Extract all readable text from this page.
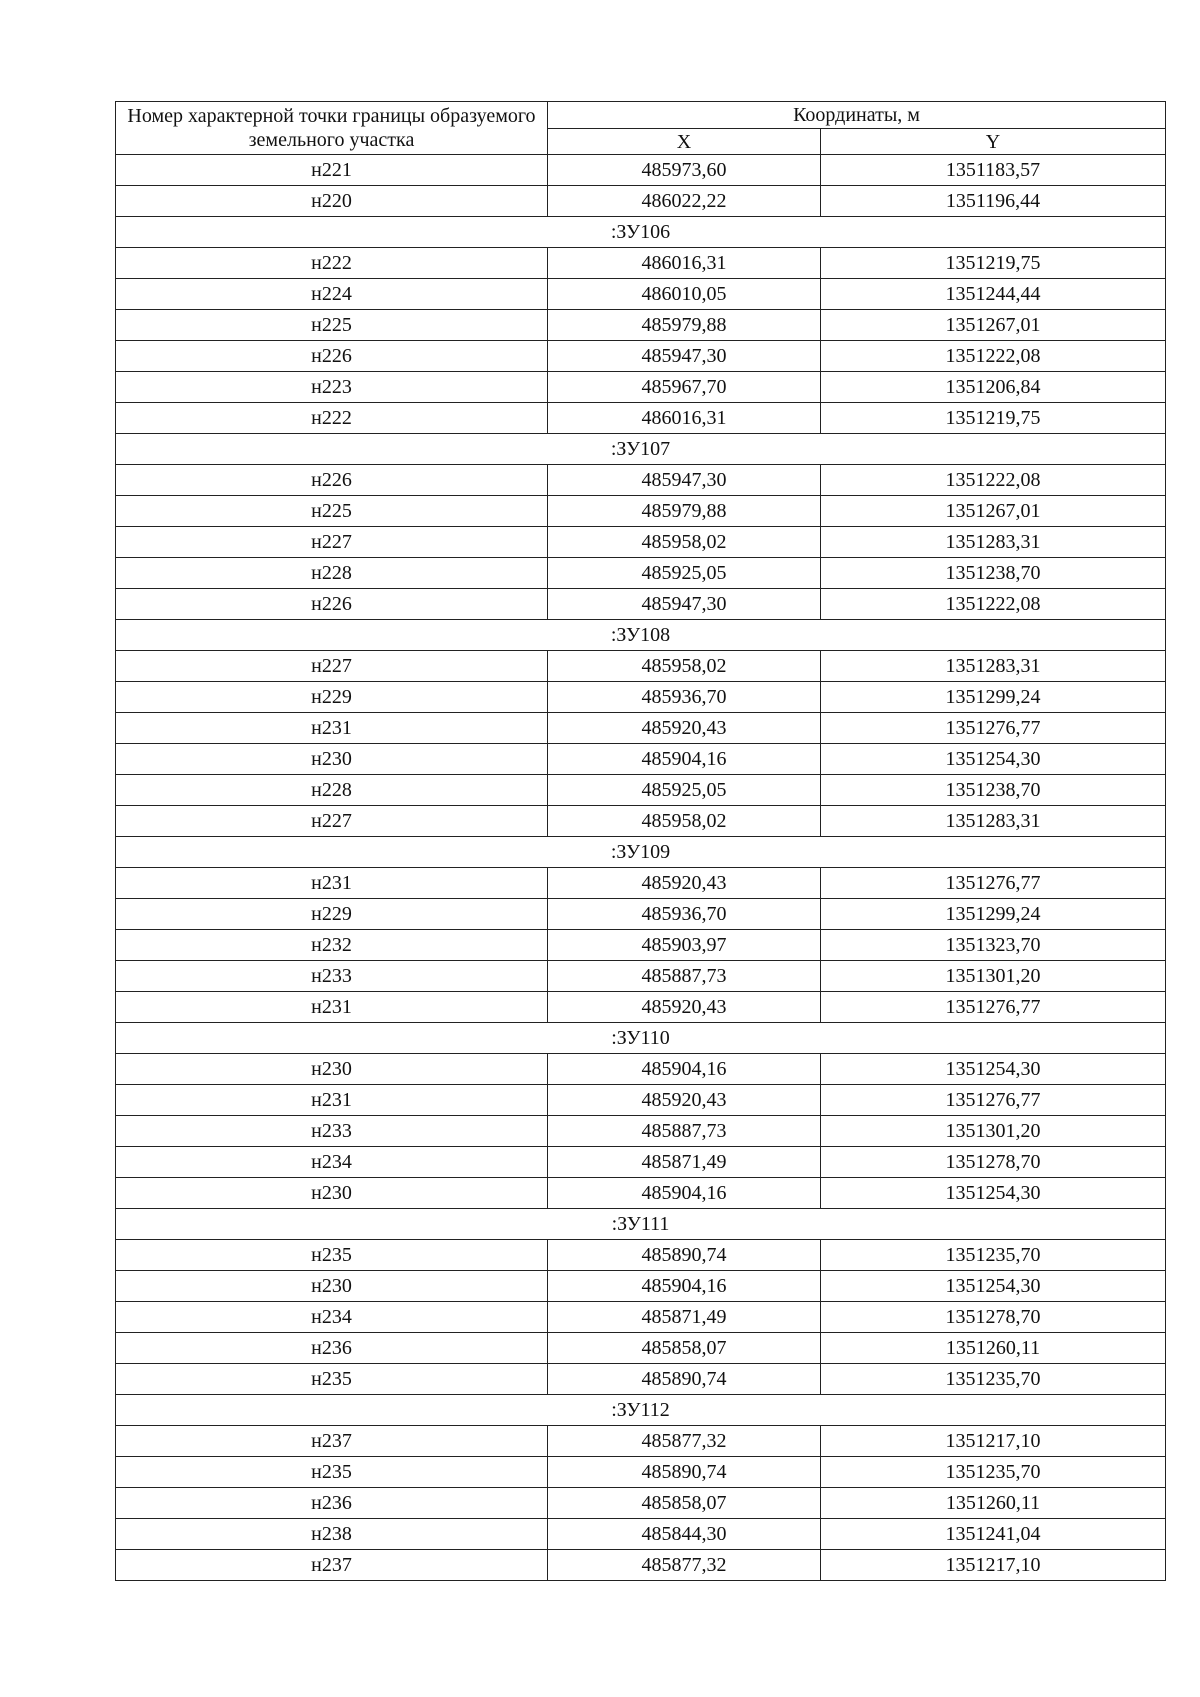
Номер характерной точки границы образуемого земельного участка	Координаты, м	
	X	Y
н221	485973,60	1351183,57
н220	486022,22	1351196,44
:ЗУ106		
н222	486016,31	1351219,75
н224	486010,05	1351244,44
н225	485979,88	1351267,01
н226	485947,30	1351222,08
н223	485967,70	1351206,84
н222	486016,31	1351219,75
:ЗУ107		
н226	485947,30	1351222,08
н225	485979,88	1351267,01
н227	485958,02	1351283,31
н228	485925,05	1351238,70
н226	485947,30	1351222,08
:ЗУ108		
н227	485958,02	1351283,31
н229	485936,70	1351299,24
н231	485920,43	1351276,77
н230	485904,16	1351254,30
н228	485925,05	1351238,70
н227	485958,02	1351283,31
:ЗУ109		
н231	485920,43	1351276,77
н229	485936,70	1351299,24
н232	485903,97	1351323,70
н233	485887,73	1351301,20
н231	485920,43	1351276,77
:ЗУ110		
н230	485904,16	1351254,30
н231	485920,43	1351276,77
н233	485887,73	1351301,20
н234	485871,49	1351278,70
н230	485904,16	1351254,30
:ЗУ111		
н235	485890,74	1351235,70
н230	485904,16	1351254,30
н234	485871,49	1351278,70
н236	485858,07	1351260,11
н235	485890,74	1351235,70
:ЗУ112		
н237	485877,32	1351217,10
н235	485890,74	1351235,70
н236	485858,07	1351260,11
н238	485844,30	1351241,04
н237	485877,32	1351217,10
